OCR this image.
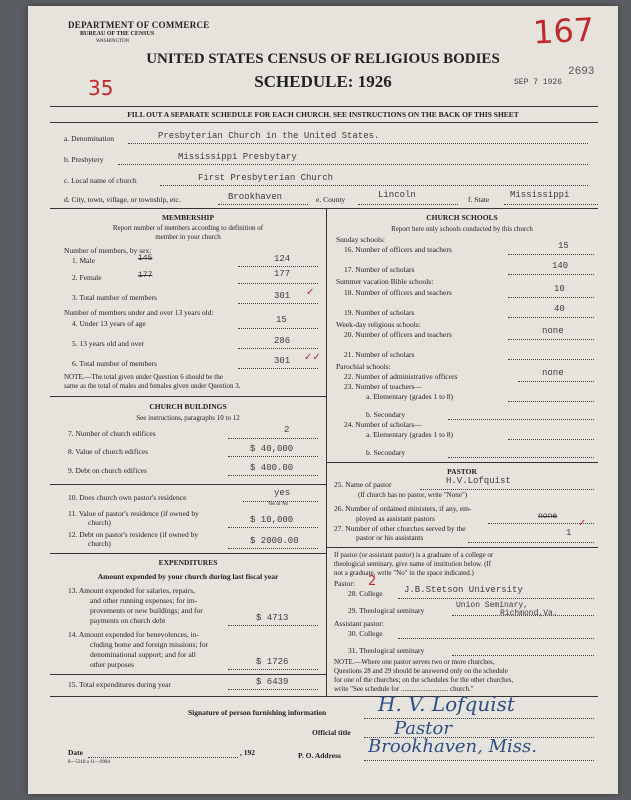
DEPARTMENT OF COMMERCE
BUREAU OF THE CENSUS
WASHINGTON
UNITED STATES CENSUS OF RELIGIOUS BODIES
SCHEDULE: 1926	2693
SEP 7 1926
167
35
FILL OUT A SEPARATE SCHEDULE FOR EACH CHURCH. SEE INSTRUCTIONS ON THE BACK OF THIS SHEET
a. Denomination	Presbyterian Church in the United States.
b. Presbytery	Mississippi Presbytary
c. Local name of church	First Presbyterian Church
d. City, town, village, or township, etc.	Brookhaven	e. County	Lincoln	f. State Mississippi
MEMBERSHIP
Report number of members according to definition of
member in your church
Number of members, by sex:
1. Male	145	124
2. Female	177	177
3. Total number of members	301 ✓
Number of members under and over 13 years old:
4. Under 13 years of age	15
5. 13 years old and over	286
6. Total number of members	301 ✓✓
NOTE.—The total given under Question 6 should be the
same as the total of males and females given under Question 3.
CHURCH BUILDINGS
See instructions, paragraphs 10 to 12
7. Number of church edifices	2
8. Value of church edifices	$ 40,000
9. Debt on church edifices	$ 400.00
10. Does church own pastor's residence	yes
Yes or No
11. Value of pastor's residence (if owned by
church)	$ 10,000
12. Debt on pastor's residence (if owned by
church)	$ 2000.00
EXPENDITURES
Amount expended by your church during last fiscal year
13. Amount expended for salaries, repairs,
and other running expenses; for im-
provements or new buildings; and for
payments on church debt	$ 4713
14. Amount expended for benevolences, in-
cluding home and foreign missions; for
denominational support; and for all
other purposes	$ 1726
15. Total expenditures during year	$ 6439
CHURCH SCHOOLS
Report here only schools conducted by this church
Sunday schools:
16. Number of officers and teachers	15
17. Number of scholars	140
Summer vacation Bible schools:
18. Number of officers and teachers	10
19. Number of scholars	40
Week-day religious schools:
20. Number of officers and teachers	none
21. Number of scholars
Parochial schools:
22. Number of administrative officers	none
23. Number of teachers—
a. Elementary (grades 1 to 8)
b. Secondary
24. Number of scholars—
a. Elementary (grades 1 to 8)
b. Secondary
PASTOR
25. Name of pastor	H.V.Lofquist
(If church has no pastor, write "None")
26. Number of ordained ministers, if any, em-
ployed as assistant pastors	none
27. Number of other churches served by the
pastor or his assistants	1
✓
If pastor (or assistant pastor) is a graduate of a college or
theological seminary, give name of institution below. (If
not a graduate, write "No" in the space indicated.)
Pastor: 2
28. College J.B.Stetson University
29. Theological seminary
Union Seminary,
Richmond,Va.
Assistant pastor:
30. College
31. Theological seminary
NOTE.—Where one pastor serves two or more churches,
Questions 28 and 29 should be answered only on the schedule
for one of the churches; on the schedules for the other churches,
write "See schedule for ........................... church."
Signature of person furnishing information	H. V. Lofquist
Official title Pastor
Date	, 192	P. O. Address Brookhaven, Miss.
8—5318 a 11—9984
